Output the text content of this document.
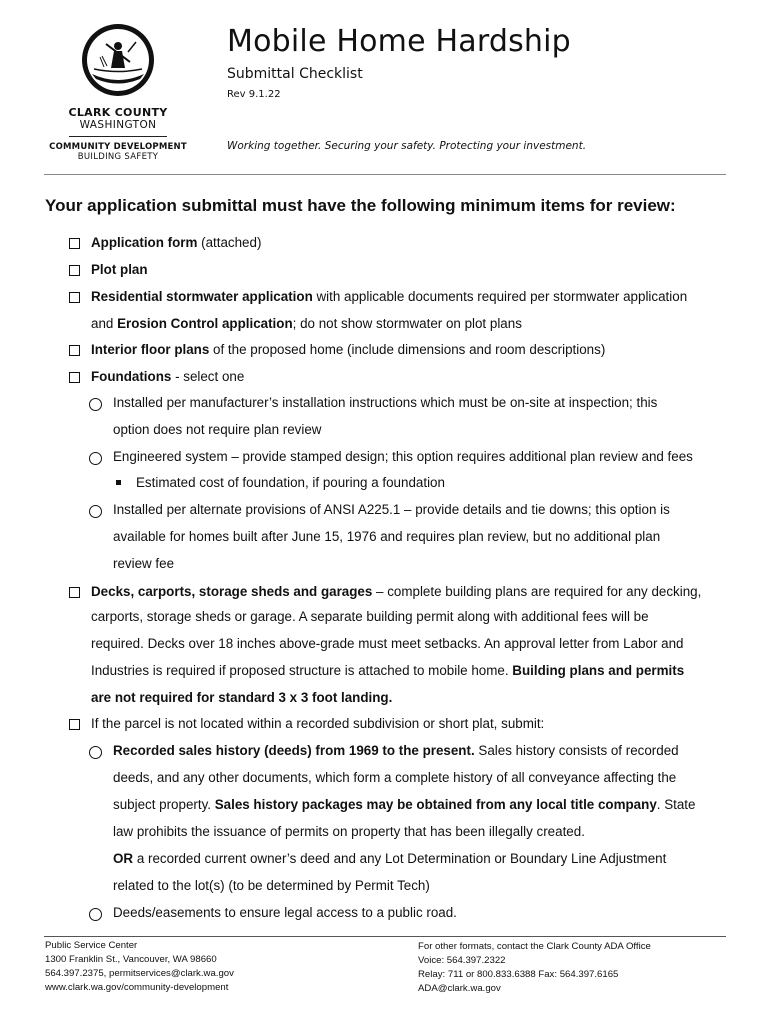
CLARK COUNTY
WASHINGTON
COMMUNITY DEVELOPMENT
BUILDING SAFETY
Mobile Home Hardship
Submittal Checklist
Rev 9.1.22
Working together. Securing your safety. Protecting your investment.
Your application submittal must have the following minimum items for review:
Application form (attached)
Plot plan
Residential stormwater application with applicable documents required per stormwater application
and Erosion Control application; do not show stormwater on plot plans
Interior floor plans of the proposed home (include dimensions and room descriptions)
Foundations - select one
Installed per manufacturer’s installation instructions which must be on-site at inspection; this
option does not require plan review
Engineered system – provide stamped design; this option requires additional plan review and fees
Estimated cost of foundation, if pouring a foundation
Installed per alternate provisions of ANSI A225.1 – provide details and tie downs; this option is
available for homes built after June 15, 1976 and requires plan review, but no additional plan
review fee
Decks, carports, storage sheds and garages – complete building plans are required for any decking,
carports, storage sheds or garage. A separate building permit along with additional fees will be
required. Decks over 18 inches above-grade must meet setbacks. An approval letter from Labor and
Industries is required if proposed structure is attached to mobile home. Building plans and permits
are not required for standard 3 x 3 foot landing.
If the parcel is not located within a recorded subdivision or short plat, submit:
Recorded sales history (deeds) from 1969 to the present. Sales history consists of recorded
deeds, and any other documents, which form a complete history of all conveyance affecting the
subject property. Sales history packages may be obtained from any local title company. State
law prohibits the issuance of permits on property that has been illegally created.
OR a recorded current owner’s deed and any Lot Determination or Boundary Line Adjustment
related to the lot(s) (to be determined by Permit Tech)
Deeds/easements to ensure legal access to a public road.
Public Service Center
1300 Franklin St., Vancouver, WA 98660
564.397.2375, permitservices@clark.wa.gov
www.clark.wa.gov/community-development
For other formats, contact the Clark County ADA Office
Voice: 564.397.2322
Relay: 711 or 800.833.6388 Fax: 564.397.6165
ADA@clark.wa.gov
